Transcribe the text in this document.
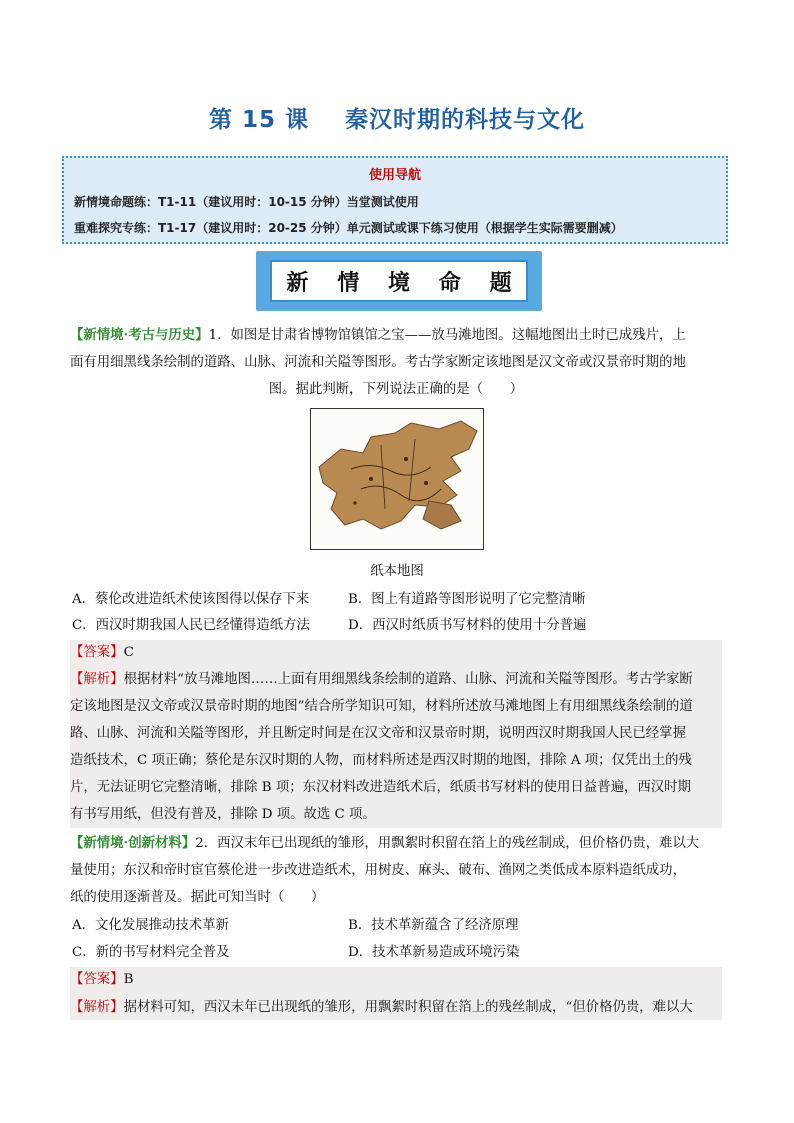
第 15 课 秦汉时期的科技与文化
使用导航
新情境命题练：T1-11（建议用时：10-15 分钟）当堂测试使用
重难探究专练：T1-17（建议用时：20-25 分钟）单元测试或课下练习使用（根据学生实际需要删减）
新 情 境 命 题
【新情境·考古与历史】1．如图是甘肃省博物馆镇馆之宝——放马滩地图。这幅地图出土时已成残片，上
面有用细黑线条绘制的道路、山脉、河流和关隘等图形。考古学家断定该地图是汉文帝或汉景帝时期的地
图。据此判断，下列说法正确的是（　　）
纸本地图
A．蔡伦改进造纸术使该图得以保存下来	B．图上有道路等图形说明了它完整清晰
C．西汉时期我国人民已经懂得造纸方法	D．西汉时纸质书写材料的使用十分普遍
【答案】C
【解析】根据材料“放马滩地图……上面有用细黑线条绘制的道路、山脉、河流和关隘等图形。考古学家断
定该地图是汉文帝或汉景帝时期的地图”结合所学知识可知，材料所述放马滩地图上有用细黑线条绘制的道
路、山脉、河流和关隘等图形，并且断定时间是在汉文帝和汉景帝时期，说明西汉时期我国人民已经掌握
造纸技术，C 项正确；蔡伦是东汉时期的人物，而材料所述是西汉时期的地图，排除 A 项；仅凭出土的残
片，无法证明它完整清晰，排除 B 项；东汉材料改进造纸术后，纸质书写材料的使用日益普遍，西汉时期
有书写用纸，但没有普及，排除 D 项。故选 C 项。
【新情境·创新材料】2．西汉末年已出现纸的雏形，用飘絮时积留在箔上的残丝制成，但价格仍贵，难以大
量使用；东汉和帝时宦官蔡伦进一步改进造纸术，用树皮、麻头、破布、渔网之类低成本原料造纸成功，
纸的使用逐渐普及。据此可知当时（　　）
A．文化发展推动技术革新	B．技术革新蕴含了经济原理
C．新的书写材料完全普及	D．技术革新易造成环境污染
【答案】B
【解析】据材料可知，西汉末年已出现纸的雏形，用飘絮时积留在箔上的残丝制成，“但价格仍贵，难以大
